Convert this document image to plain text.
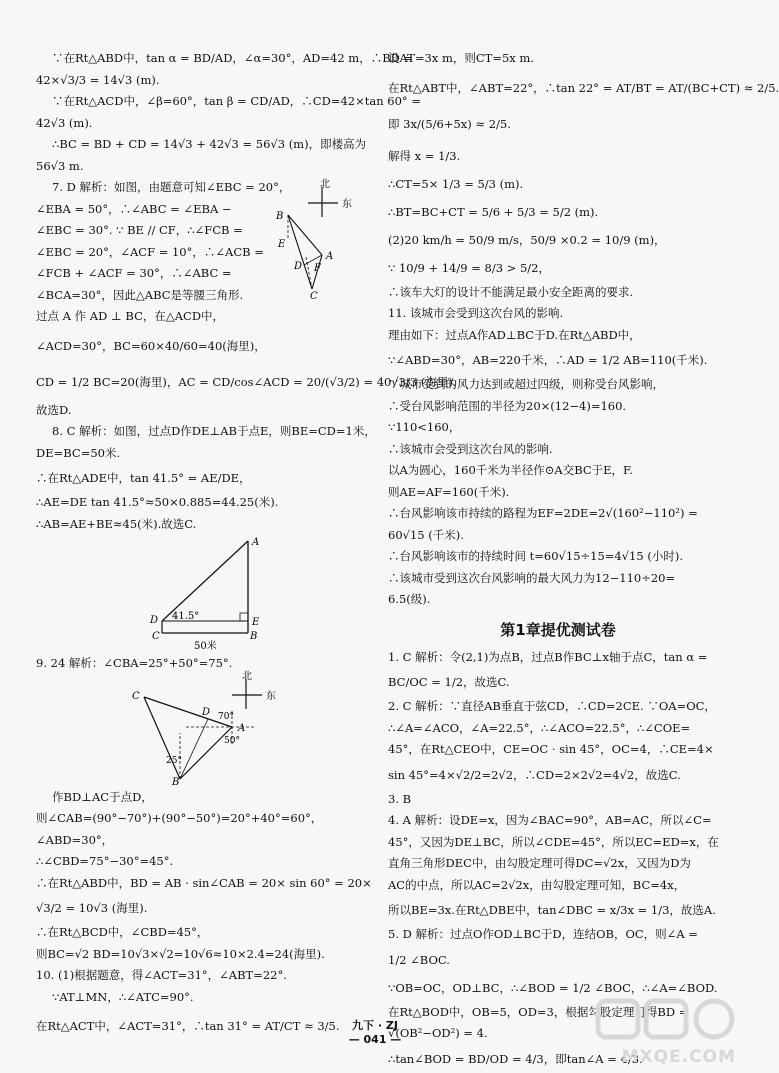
∵在Rt△ABD中，tan α = BD/AD，∠α=30°，AD=42 m，∴BD =
42×√3/3 = 14√3 (m).
∵在Rt△ACD中，∠β=60°，tan β = CD/AD，∴CD=42×tan 60° =
42√3 (m).
∴BC = BD + CD = 14√3 + 42√3 = 56√3 (m)，即楼高为
56√3 m.
7. D 解析：如图，由题意可知∠EBC = 20°，
∠EBA = 50°，∴∠ABC = ∠EBA −
∠EBC = 30°. ∵ BE // CF，∴∠FCB =
∠EBC = 20°，∠ACF = 10°，∴∠ACB =
∠FCB + ∠ACF = 30°，∴∠ABC =
∠BCA=30°，因此△ABC是等腰三角形.
过点 A 作 AD ⊥ BC，在△ACD中，
北
东
B
E
D F
A
C
∠ACD=30°，BC=60×40/60=40(海里)，
CD = 1/2 BC=20(海里)，AC = CD/cos∠ACD = 20/(√3/2) = 40√3/3 (海里).
故选D.
8. C 解析：如图，过点D作DE⊥AB于点E，则BE=CD=1米，
DE=BC=50米.
∴在Rt△ADE中，tan 41.5° = AE/DE，
∴AE=DE tan 41.5°≈50×0.885=44.25(米).
∴AB=AE+BE≈45(米).故选C.
41.5°
50米
A
D	E
C	B
9. 24 解析：∠CBA=25°+50°=75°.
北
东
70°
50°
25°
C
D
A
B
作BD⊥AC于点D，
则∠CAB=(90°−70°)+(90°−50°)=20°+40°=60°，
∠ABD=30°，
∴∠CBD=75°−30°=45°.
∴在Rt△ABD中，BD = AB · sin∠CAB = 20× sin 60° = 20×
√3/2 = 10√3 (海里).
∴在Rt△BCD中，∠CBD=45°，
则BC=√2 BD=10√3×√2=10√6≈10×2.4=24(海里).
10. (1)根据题意，得∠ACT=31°，∠ABT=22°.
∵AT⊥MN，∴∠ATC=90°.
在Rt△ACT中，∠ACT=31°，∴tan 31° = AT/CT ≈ 3/5.
设AT=3x m，则CT=5x m.
在Rt△ABT中，∠ABT=22°，∴tan 22° = AT/BT = AT/(BC+CT) ≈ 2/5.
即 3x/(5/6+5x) ≈ 2/5.
解得 x = 1/3.
∴CT=5× 1/3 = 5/3 (m).
∴BT=BC+CT = 5/6 + 5/3 = 5/2 (m).
(2)20 km/h = 50/9 m/s，50/9 ×0.2 = 10/9 (m)，
∵ 10/9 + 14/9 = 8/3 > 5/2，
∴该车大灯的设计不能满足最小安全距离的要求.
11. 该城市会受到这次台风的影响.
理由如下：过点A作AD⊥BC于D.在Rt△ABD中，
∵∠ABD=30°，AB=220千米，∴AD = 1/2 AB=110(千米).
∵城市受到的风力达到或超过四级，则称受台风影响，
∴受台风影响范围的半径为20×(12−4)=160.
∵110<160，
∴该城市会受到这次台风的影响.
以A为圆心，160千米为半径作⊙A交BC于E，F.
则AE=AF=160(千米).
∴台风影响该市持续的路程为EF=2DE=2√(160²−110²) =
60√15 (千米).
∴台风影响该市的持续时间 t=60√15÷15=4√15 (小时).
∴该城市受到这次台风影响的最大风力为12−110÷20=
6.5(级).
第1章提优测试卷
1. C 解析：令(2,1)为点B，过点B作BC⊥x轴于点C，tan α =
BC/OC = 1/2，故选C.
2. C 解析：∵直径AB垂直于弦CD，∴CD=2CE. ∵OA=OC，
∴∠A=∠ACO，∠A=22.5°，∴∠ACO=22.5°，∴∠COE=
45°，在Rt△CEO中，CE=OC · sin 45°，OC=4，∴CE=4×
sin 45°=4×√2/2=2√2，∴CD=2×2√2=4√2，故选C.
3. B
4. A 解析：设DE=x，因为∠BAC=90°，AB=AC，所以∠C=
45°，又因为DE⊥BC，所以∠CDE=45°，所以EC=ED=x，在
直角三角形DEC中，由勾股定理可得DC=√2x，又因为D为
AC的中点，所以AC=2√2x，由勾股定理可知，BC=4x，
所以BE=3x.在Rt△DBE中，tan∠DBC = x/3x = 1/3，故选A.
5. D 解析：过点O作OD⊥BC于D，连结OB，OC，则∠A =
1/2 ∠BOC.
∵OB=OC，OD⊥BC，∴∠BOD = 1/2 ∠BOC，∴∠A=∠BOD.
在Rt△BOD中，OB=5，OD=3，根据勾股定理可得BD =
√(OB²−OD²) = 4.
∴tan∠BOD = BD/OD = 4/3，即tan∠A = 4/3.
九下 · ZJ
— 041 —
MXQE.COM
